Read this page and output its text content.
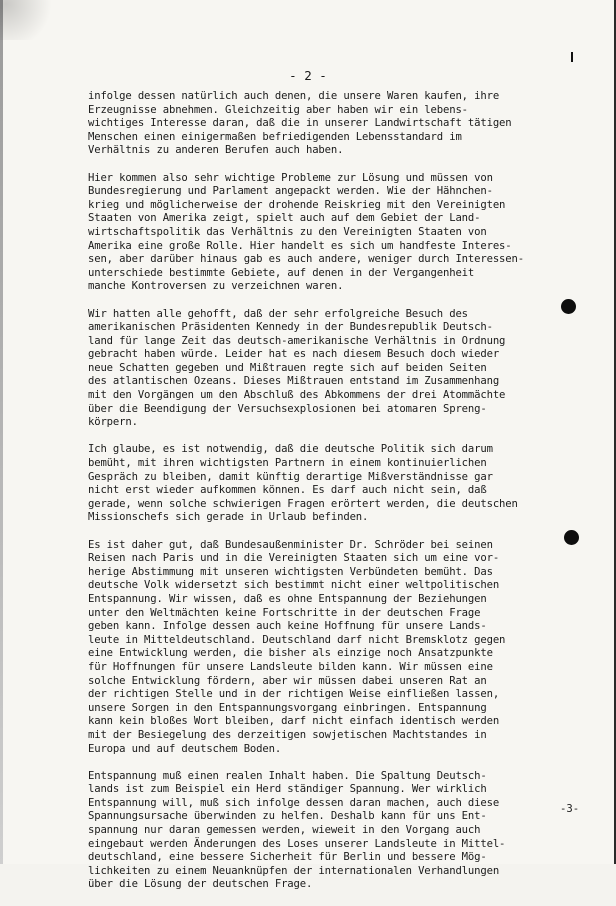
- 2 -
infolge dessen natürlich auch denen, die unsere Waren kaufen, ihre
Erzeugnisse abnehmen. Gleichzeitig aber haben wir ein lebens-
wichtiges Interesse daran, daß die in unserer Landwirtschaft tätigen
Menschen einen einigermaßen befriedigenden Lebensstandard im
Verhältnis zu anderen Berufen auch haben.
Hier kommen also sehr wichtige Probleme zur Lösung und müssen von
Bundesregierung und Parlament angepackt werden. Wie der Hähnchen-
krieg und möglicherweise der drohende Reiskrieg mit den Vereinigten
Staaten von Amerika zeigt, spielt auch auf dem Gebiet der Land-
wirtschaftspolitik das Verhältnis zu den Vereinigten Staaten von
Amerika eine große Rolle. Hier handelt es sich um handfeste Interes-
sen, aber darüber hinaus gab es auch andere, weniger durch Interessen-
unterschiede bestimmte Gebiete, auf denen in der Vergangenheit
manche Kontroversen zu verzeichnen waren.
Wir hatten alle gehofft, daß der sehr erfolgreiche Besuch des
amerikanischen Präsidenten Kennedy in der Bundesrepublik Deutsch-
land für lange Zeit das deutsch-amerikanische Verhältnis in Ordnung
gebracht haben würde. Leider hat es nach diesem Besuch doch wieder
neue Schatten gegeben und Mißtrauen regte sich auf beiden Seiten
des atlantischen Ozeans. Dieses Mißtrauen entstand im Zusammenhang
mit den Vorgängen um den Abschluß des Abkommens der drei Atommächte
über die Beendigung der Versuchsexplosionen bei atomaren Spreng-
körpern.
Ich glaube, es ist notwendig, daß die deutsche Politik sich darum
bemüht, mit ihren wichtigsten Partnern in einem kontinuierlichen
Gespräch zu bleiben, damit künftig derartige Mißverständnisse gar
nicht erst wieder aufkommen können. Es darf auch nicht sein, daß
gerade, wenn solche schwierigen Fragen erörtert werden, die deutschen
Missionschefs sich gerade in Urlaub befinden.
Es ist daher gut, daß Bundesaußenminister Dr. Schröder bei seinen
Reisen nach Paris und in die Vereinigten Staaten sich um eine vor-
herige Abstimmung mit unseren wichtigsten Verbündeten bemüht. Das
deutsche Volk widersetzt sich bestimmt nicht einer weltpolitischen
Entspannung. Wir wissen, daß es ohne Entspannung der Beziehungen
unter den Weltmächten keine Fortschritte in der deutschen Frage
geben kann. Infolge dessen auch keine Hoffnung für unsere Lands-
leute in Mitteldeutschland. Deutschland darf nicht Bremsklotz gegen
eine Entwicklung werden, die bisher als einzige noch Ansatzpunkte
für Hoffnungen für unsere Landsleute bilden kann. Wir müssen eine
solche Entwicklung fördern, aber wir müssen dabei unseren Rat an
der richtigen Stelle und in der richtigen Weise einfließen lassen,
unsere Sorgen in den Entspannungsvorgang einbringen. Entspannung
kann kein bloßes Wort bleiben, darf nicht einfach identisch werden
mit der Besiegelung des derzeitigen sowjetischen Machtstandes in
Europa und auf deutschem Boden.
Entspannung muß einen realen Inhalt haben. Die Spaltung Deutsch-
lands ist zum Beispiel ein Herd ständiger Spannung. Wer wirklich
Entspannung will, muß sich infolge dessen daran machen, auch diese
Spannungsursache überwinden zu helfen. Deshalb kann für uns Ent-
spannung nur daran gemessen werden, wieweit in den Vorgang auch
eingebaut werden Änderungen des Loses unserer Landsleute in Mittel-
deutschland, eine bessere Sicherheit für Berlin und bessere Mög-
lichkeiten zu einem Neuanknüpfen der internationalen Verhandlungen
über die Lösung der deutschen Frage.
-3-
